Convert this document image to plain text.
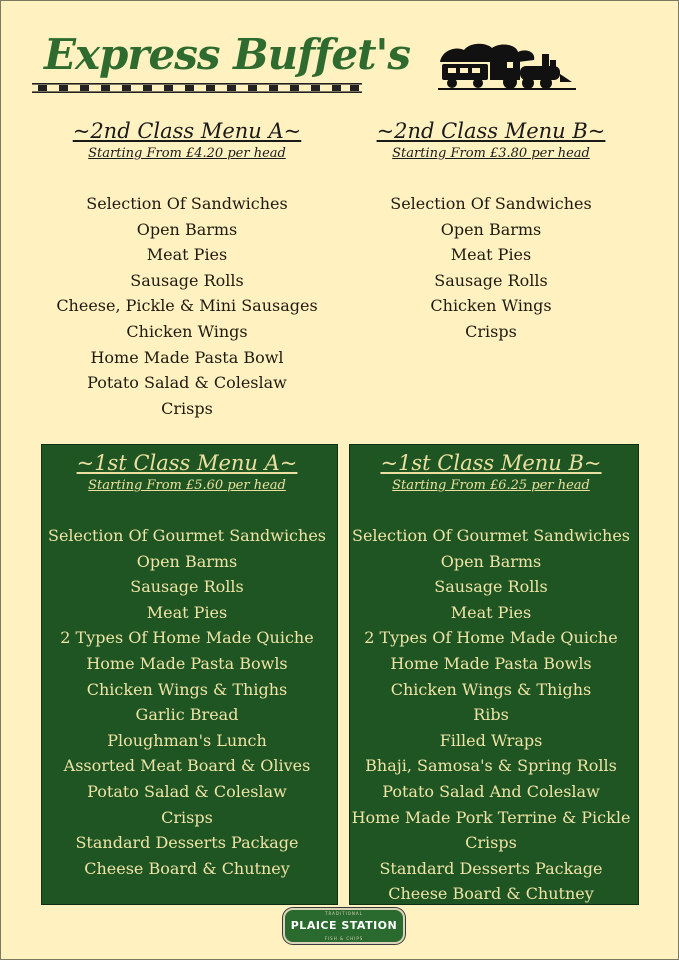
Express Buffet's
~2nd Class Menu A~
Starting From £4.20 per head
Selection Of Sandwiches
Open Barms
Meat Pies
Sausage Rolls
Cheese, Pickle & Mini Sausages
Chicken Wings
Home Made Pasta Bowl
Potato Salad & Coleslaw
Crisps
~2nd Class Menu B~
Starting From £3.80 per head
Selection Of Sandwiches
Open Barms
Meat Pies
Sausage Rolls
Chicken Wings
Crisps
~1st Class Menu A~
Starting From £5.60 per head
Selection Of Gourmet Sandwiches
Open Barms
Sausage Rolls
Meat Pies
2 Types Of Home Made Quiche
Home Made Pasta Bowls
Chicken Wings & Thighs
Garlic Bread
Ploughman's Lunch
Assorted Meat Board & Olives
Potato Salad & Coleslaw
Crisps
Standard Desserts Package
Cheese Board & Chutney
~1st Class Menu B~
Starting From £6.25 per head
Selection Of Gourmet Sandwiches
Open Barms
Sausage Rolls
Meat Pies
2 Types Of Home Made Quiche
Home Made Pasta Bowls
Chicken Wings & Thighs
Ribs
Filled Wraps
Bhaji, Samosa's & Spring Rolls
Potato Salad And Coleslaw
Home Made Pork Terrine & Pickle
Crisps
Standard Desserts Package
Cheese Board & Chutney
TRADITIONAL
PLAICE STATION
FISH & CHIPS
